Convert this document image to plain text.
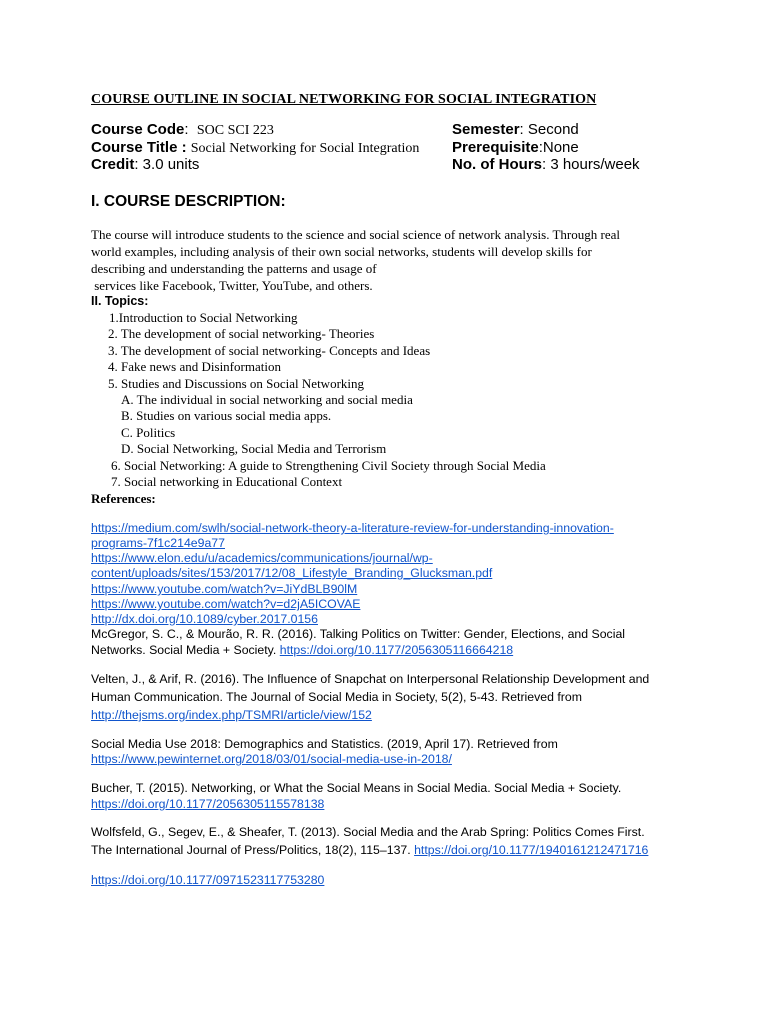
COURSE OUTLINE IN SOCIAL NETWORKING FOR SOCIAL INTEGRATION
Course Code:  SOC SCI 223
Course Title : Social Networking for Social Integration
Credit: 3.0 units
Semester: Second
Prerequisite:None
No. of Hours: 3 hours/week
I. COURSE DESCRIPTION:
The course will introduce students to the science and social science of network analysis. Through real
world examples, including analysis of their own social networks, students will develop skills for
describing and understanding the patterns and usage of
services like Facebook, Twitter, YouTube, and others.
II. Topics:
1.Introduction to Social Networking
2. The development of social networking- Theories
3. The development of social networking- Concepts and Ideas
4. Fake news and Disinformation
5. Studies and Discussions on Social Networking
A. The individual in social networking and social media
B. Studies on various social media apps.
C. Politics
D. Social Networking, Social Media and Terrorism
6. Social Networking: A guide to Strengthening Civil Society through Social Media
7. Social networking in Educational Context
References:
https://medium.com/swlh/social-network-theory-a-literature-review-for-understanding-innovation-
programs-7f1c214e9a77
https://www.elon.edu/u/academics/communications/journal/wp-
content/uploads/sites/153/2017/12/08_Lifestyle_Branding_Glucksman.pdf
https://www.youtube.com/watch?v=JiYdBLB90lM
https://www.youtube.com/watch?v=d2jA5ICOVAE
http://dx.doi.org/10.1089/cyber.2017.0156
McGregor, S. C., & Mourão, R. R. (2016). Talking Politics on Twitter: Gender, Elections, and Social
Networks. Social Media + Society. https://doi.org/10.1177/2056305116664218
Velten, J., & Arif, R. (2016). The Influence of Snapchat on Interpersonal Relationship Development and
Human Communication. The Journal of Social Media in Society, 5(2), 5-43. Retrieved from
http://thejsms.org/index.php/TSMRI/article/view/152
Social Media Use 2018: Demographics and Statistics. (2019, April 17). Retrieved from
https://www.pewinternet.org/2018/03/01/social-media-use-in-2018/
Bucher, T. (2015). Networking, or What the Social Means in Social Media. Social Media + Society.
https://doi.org/10.1177/2056305115578138
Wolfsfeld, G., Segev, E., & Sheafer, T. (2013). Social Media and the Arab Spring: Politics Comes First.
The International Journal of Press/Politics, 18(2), 115–137. https://doi.org/10.1177/1940161212471716
https://doi.org/10.1177/0971523117753280
